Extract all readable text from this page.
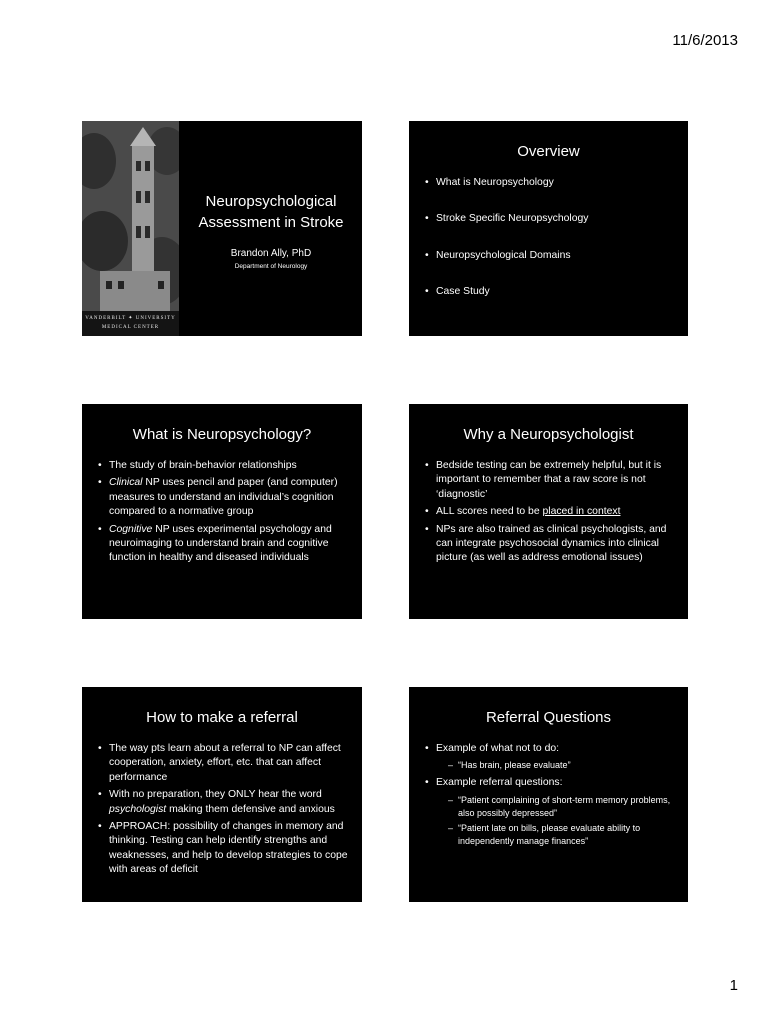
11/6/2013
VANDERBILT ✦ UNIVERSITY
MEDICAL CENTER
Neuropsychological
Assessment in Stroke
Brandon Ally, PhD
Department of Neurology
Overview
• What is Neuropsychology
• Stroke Specific Neuropsychology
• Neuropsychological Domains
• Case Study
What is Neuropsychology?
• The study of brain-behavior relationships
• Clinical NP uses pencil and paper (and computer) measures to understand an individual’s cognition compared to a normative group
• Cognitive NP uses experimental psychology and neuroimaging to understand brain and cognitive function in healthy and diseased individuals
Why a Neuropsychologist
• Bedside testing can be extremely helpful, but it is important to remember that a raw score is not ‘diagnostic’
• ALL scores need to be placed in context
• NPs are also trained as clinical psychologists, and can integrate psychosocial dynamics into clinical picture (as well as address emotional issues)
How to make a referral
• The way pts learn about a referral to NP can affect cooperation, anxiety, effort, etc. that can affect performance
• With no preparation, they ONLY hear the word psychologist making them defensive and anxious
• APPROACH: possibility of changes in memory and thinking. Testing can help identify strengths and weaknesses, and help to develop strategies to cope with areas of deficit
Referral Questions
• Example of what not to do:
– “Has brain, please evaluate”
• Example referral questions:
– “Patient complaining of short-term memory problems, also possibly depressed”
– “Patient late on bills, please evaluate ability to independently manage finances”
1
